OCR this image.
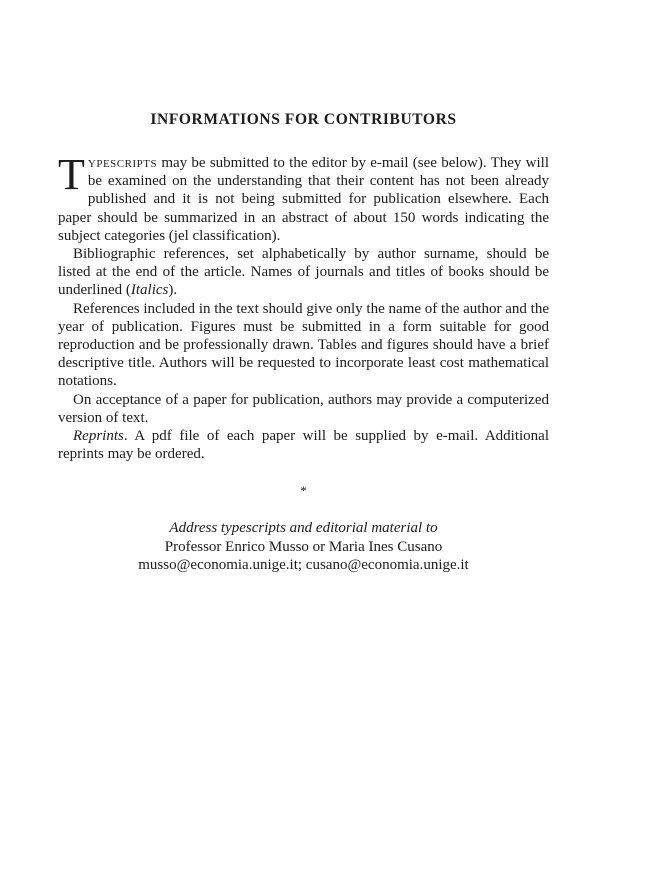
INFORMATIONS FOR CONTRIBUTORS

Typescripts may be submitted to the editor by e-mail (see below). They will be examined on the understanding that their content has not been already published and it is not being submitted for publication elsewhere. Each paper should be summarized in an abstract of about 150 words indicating the subject categories (jel classification).

Bibliographic references, set alphabetically by author surname, should be listed at the end of the article. Names of journals and titles of books should be underlined (Italics).

References included in the text should give only the name of the author and the year of publication. Figures must be submitted in a form suitable for good reproduction and be professionally drawn. Tables and figures should have a brief descriptive title. Authors will be requested to incorporate least cost mathematical notations.

On acceptance of a paper for publication, authors may provide a computerized version of text.

Reprints. A pdf file of each paper will be supplied by e-mail. Additional reprints may be ordered.

*
Address typescripts and editorial material to
Professor Enrico Musso or Maria Ines Cusano
musso@economia.unige.it; cusano@economia.unige.it
